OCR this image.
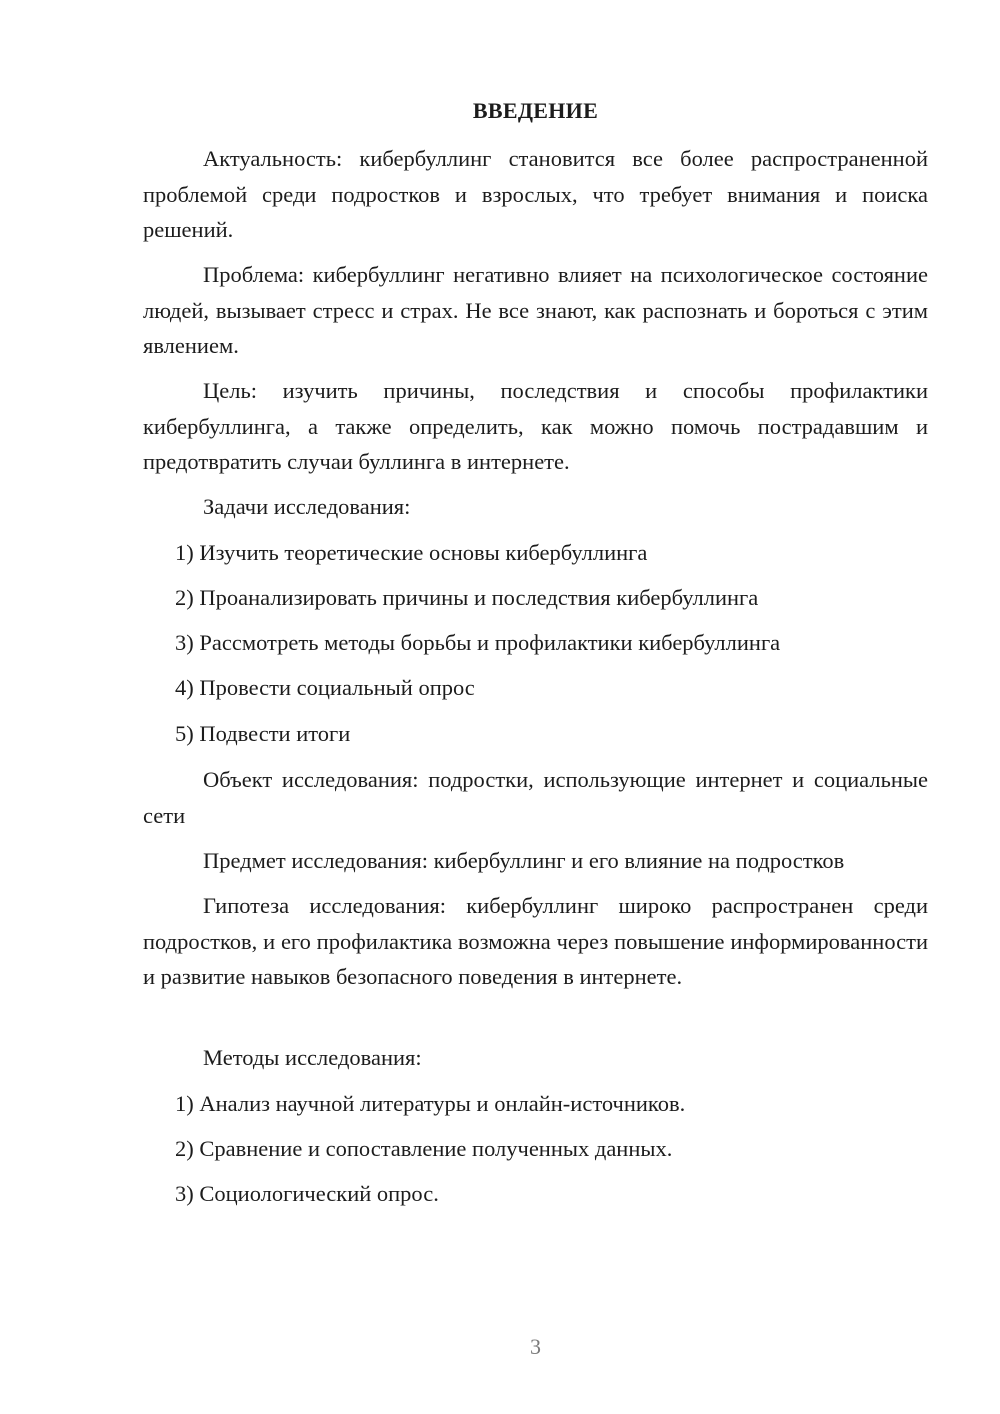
ВВЕДЕНИЕ

Актуальность: кибербуллинг становится все более распространенной проблемой среди подростков и взрослых, что требует внимания и поиска решений.

Проблема: кибербуллинг негативно влияет на психологическое состояние людей, вызывает стресс и страх. Не все знают, как распознать и бороться с этим явлением.

Цель: изучить причины, последствия и способы профилактики кибербуллинга, а также определить, как можно помочь пострадавшим и предотвратить случаи буллинга в интернете.

Задачи исследования:

1) Изучить теоретические основы кибербуллинга

2) Проанализировать причины и последствия кибербуллинга

3) Рассмотреть методы борьбы и профилактики кибербуллинга

4) Провести социальный опрос

5) Подвести итоги

Объект исследования: подростки, использующие интернет и социальные сети

Предмет исследования: кибербуллинг и его влияние на подростков

Гипотеза исследования: кибербуллинг широко распространен среди подростков, и его профилактика возможна через повышение информированности и развитие навыков безопасного поведения в интернете.

Методы исследования:

1) Анализ научной литературы и онлайн-источников.

2) Сравнение и сопоставление полученных данных.

3) Социологический опрос.

3
